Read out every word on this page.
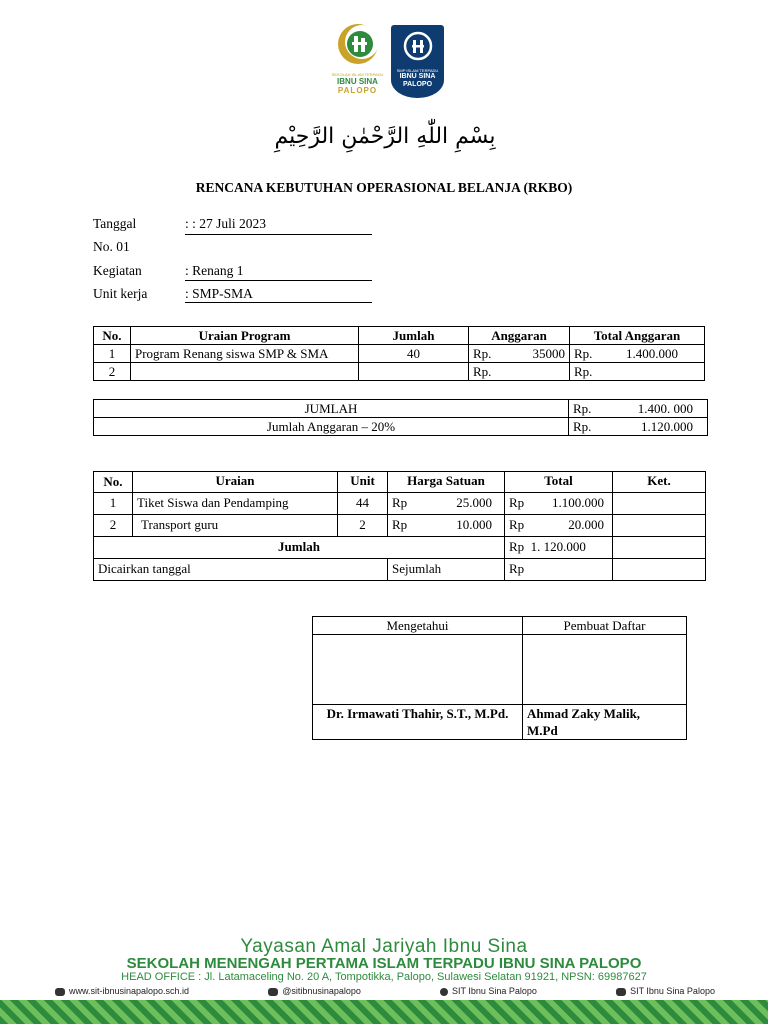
SEKOLAH ISLAM TERPADU
IBNU SINA
PALOPO
SMP ISLAM TERPADU
IBNU SINA
PALOPO
بِسْمِ اللّٰهِ الرَّحْمٰنِ الرَّحِيْمِ
RENCANA KEBUTUHAN OPERASIONAL BELANJA (RKBO)
Tanggal	: : 27 Juli 2023
No. 01
Kegiatan	: Renang 1
Unit kerja	: SMP-SMA
No.	Uraian Program	Jumlah	Anggaran	Total Anggaran
1	Program Renang siswa SMP & SMA	40	Rp. 35000	Rp. 1.400.000

2			Rp.	Rp.
JUMLAH	Rp. 1.400. 000

Jumlah Anggaran – 20%	Rp. 1.120.000
No.	Uraian	Unit	Harga Satuan	Total	Ket.
1	Tiket Siswa dan Pendamping	44	Rp 25.000	Rp 1.100.000	

2	Transport guru	2	Rp 10.000	Rp 20.000	

Jumlah				Rp 1. 120.000	
Dicairkan tanggal			Sejumlah	Rp	
Mengetahui	Pembuat Daftar

Dr. Irmawati Thahir, S.T., M.Pd.	Ahmad Zaky Malik, M.Pd
Yayasan Amal Jariyah Ibnu Sina
SEKOLAH MENENGAH PERTAMA ISLAM TERPADU IBNU SINA PALOPO
HEAD OFFICE : Jl. Latamaceling No. 20 A, Tompotikka, Palopo, Sulawesi Selatan 91921, NPSN: 69987627
www.sit-ibnusinapalopo.sch.id	@sitibnusinapalopo	SIT Ibnu Sina Palopo	SIT Ibnu Sina Palopo
